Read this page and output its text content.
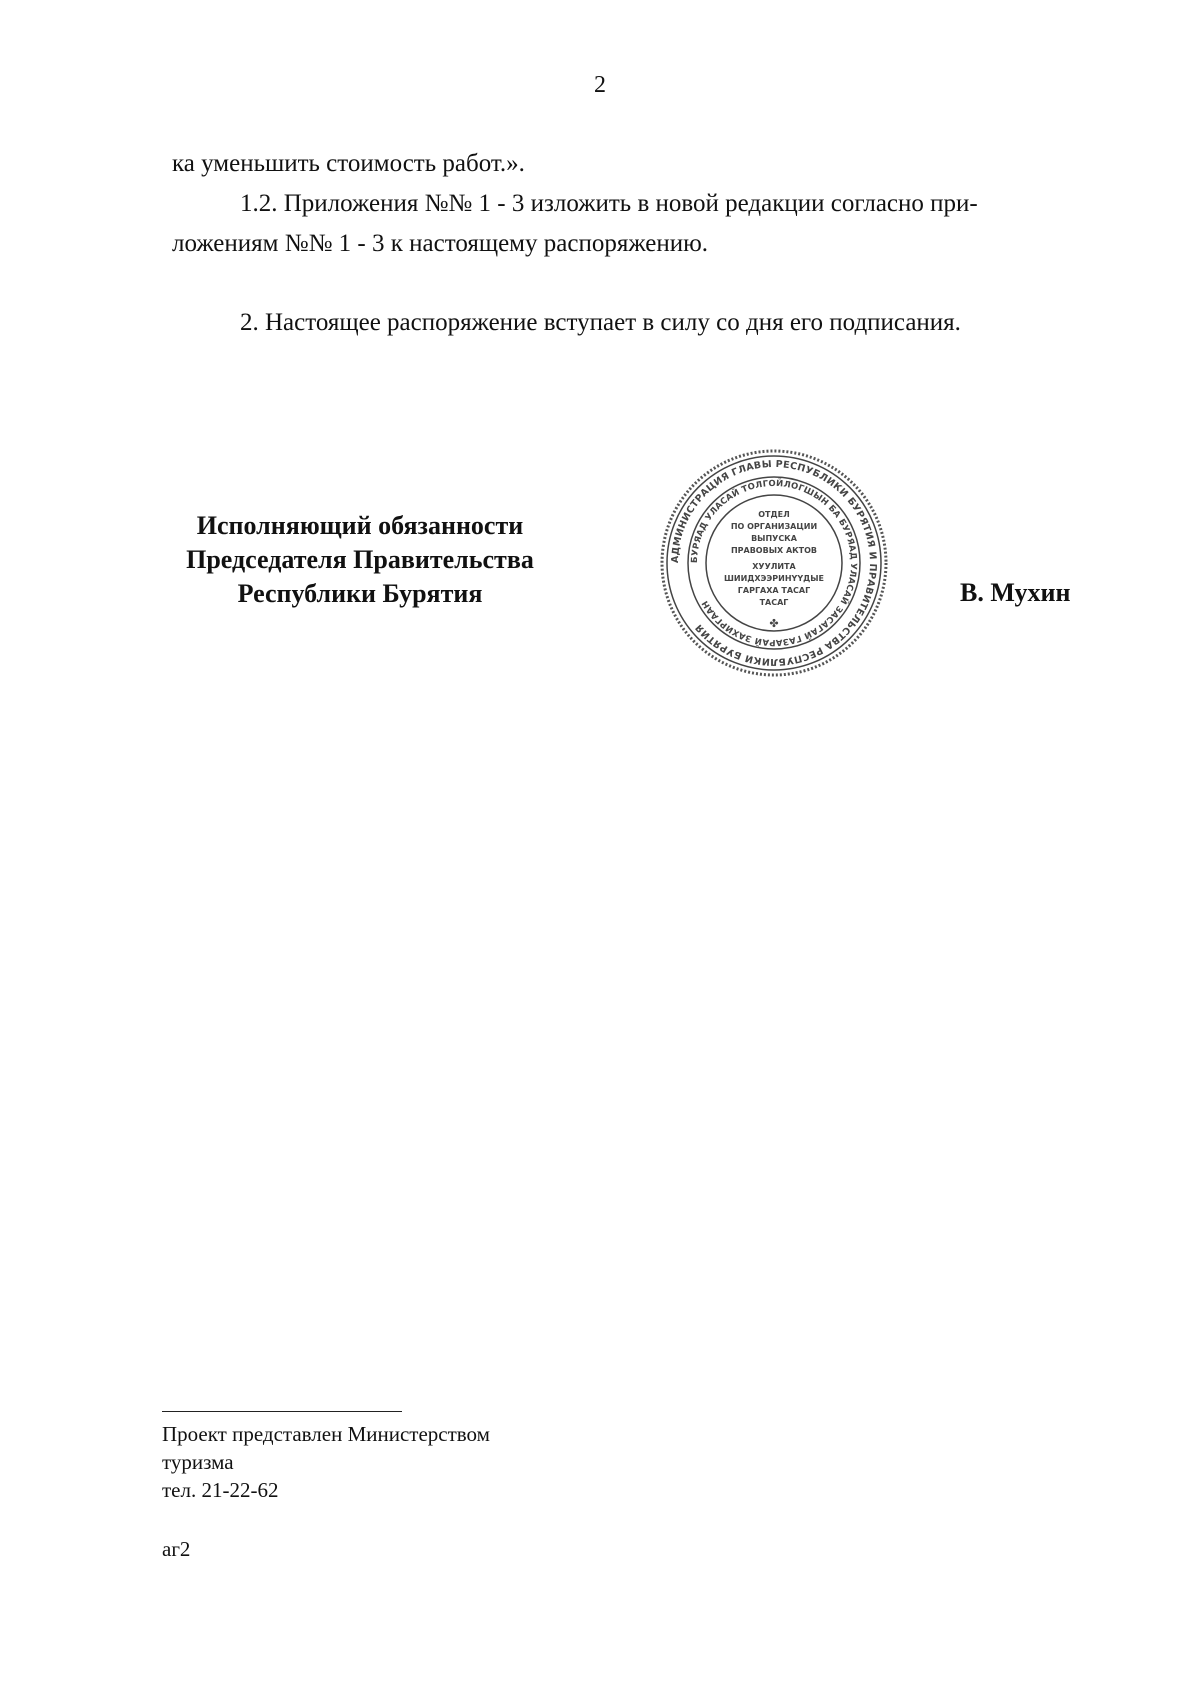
2
ка уменьшить стоимость работ.».
1.2. Приложения №№ 1 - 3 изложить в новой редакции согласно при-
ложениям №№ 1 - 3 к настоящему распоряжению.
2. Настоящее распоряжение вступает в силу со дня его подписания.
Исполняющий обязанности
Председателя Правительства
Республики Бурятия
АДМИНИСТРАЦИЯ ГЛАВЫ РЕСПУБЛИКИ БУРЯТИЯ И ПРАВИТЕЛЬСТВА РЕСПУБЛИКИ БУРЯТИЯ
БУРЯАД УЛАСАЙ ТОЛГОЙЛОГШЫН БА БУРЯАД УЛАСАЙ ЗАСАГАЙ ГАЗАРАЙ ЗАХИРГААН
ОТДЕЛ
ПО ОРГАНИЗАЦИИ
ВЫПУСКА
ПРАВОВЫХ АКТОВ
ХУУЛИТА
ШИИДХЭЭРИНҮҮДЫЕ
ГАРГАХА ТАСАГ
ТАСАГ
✤
В. Мухин
Проект представлен Министерством
туризма
тел. 21-22-62
аг2
